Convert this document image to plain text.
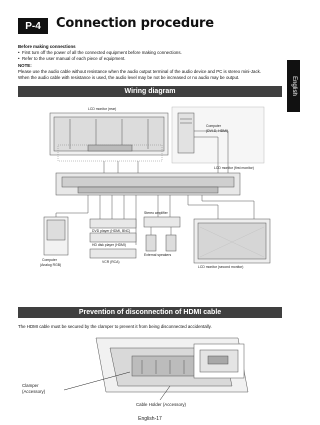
P-4 Connection procedure
English
Before making connections
•  First turn off the power of all the connected equipment before making connections.
•  Refer to the user manual of each piece of equipment.
NOTE:
Please use the audio cable without resistance when the audio output terminal of the audio device and PC is stereo mini-Jack.
When the audio cable with resistance is used, the audio level may be not be increased or no audio may be output.
Wiring diagram
LCD monitor (rear)
Computer
(DVI-D, HDMI)
LCD monitor (first monitor)
Computer
(Analog RGB)
DVD player (HDMI, BNC)
HD disk player (HDMI)
VCR (RCA)
Stereo amplifier
External speakers
LCD monitor (second monitor)
Prevention of disconnection of HDMI cable
The HDMI cable must be secured by the clamper to prevent it from being disconnected accidentally.
Clamper
(Accessory)
Cable Holder (Accessory)
English-17
